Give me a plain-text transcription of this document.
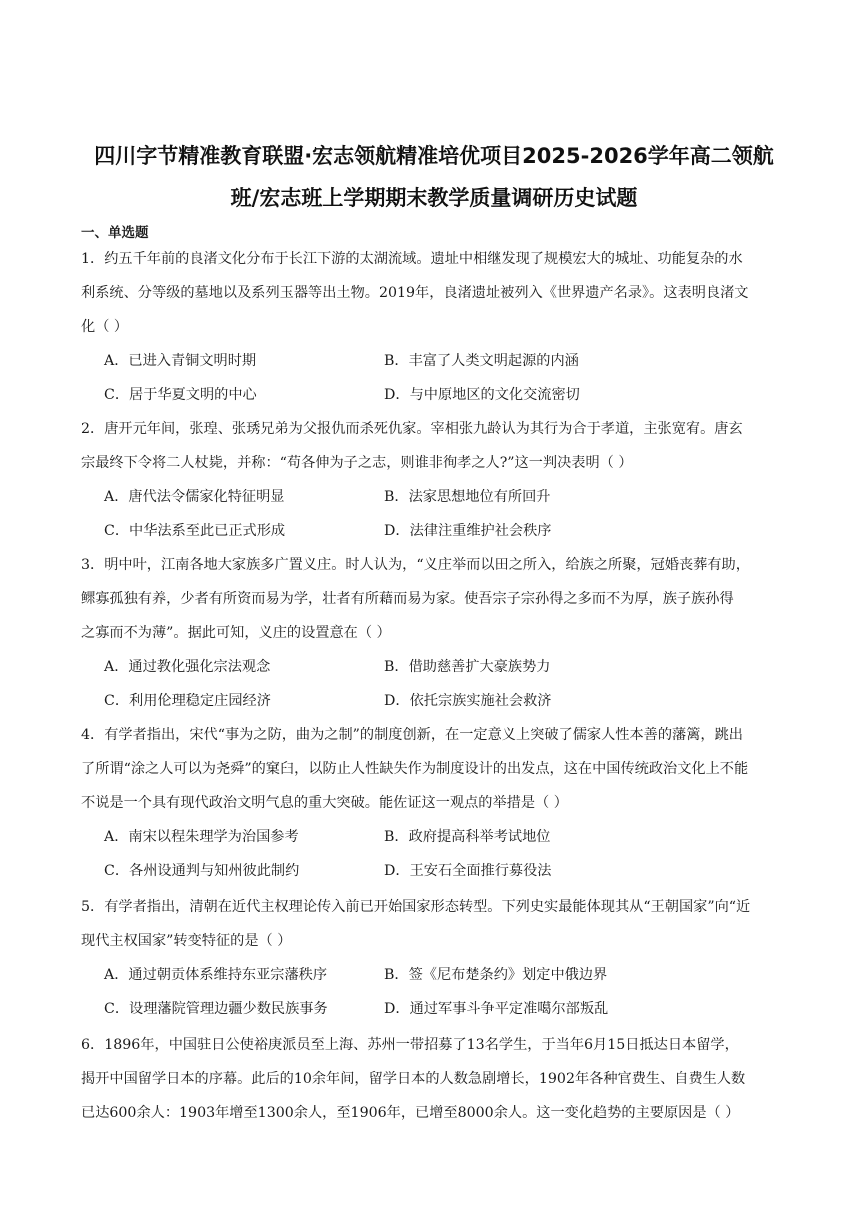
四川字节精准教育联盟·宏志领航精准培优项目2025-2026学年高二领航
班/宏志班上学期期末教学质量调研历史试题
一、单选题
1．约五千年前的良渚文化分布于长江下游的太湖流域。遗址中相继发现了规模宏大的城址、功能复杂的水
利系统、分等级的墓地以及系列玉器等出土物。2019年，良渚遗址被列入《世界遗产名录》。这表明良渚文
化（ ）
A．已进入青铜文明时期	B．丰富了人类文明起源的内涵
C．居于华夏文明的中心	D．与中原地区的文化交流密切
2．唐开元年间，张瑝、张琇兄弟为父报仇而杀死仇家。宰相张九龄认为其行为合于孝道，主张宽宥。唐玄
宗最终下令将二人杖毙，并称：“苟各伸为子之志，则谁非徇孝之人?”这一判决表明（ ）
A．唐代法令儒家化特征明显	B．法家思想地位有所回升
C．中华法系至此已正式形成	D．法律注重维护社会秩序
3．明中叶，江南各地大家族多广置义庄。时人认为，“义庄举而以田之所入，给族之所聚，冠婚丧葬有助，
鳏寡孤独有养，少者有所资而易为学，壮者有所藉而易为家。使吾宗子宗孙得之多而不为厚，族子族孙得
之寡而不为薄”。据此可知，义庄的设置意在（ ）
A．通过教化强化宗法观念	B．借助慈善扩大豪族势力
C．利用伦理稳定庄园经济	D．依托宗族实施社会救济
4．有学者指出，宋代“事为之防，曲为之制”的制度创新，在一定意义上突破了儒家人性本善的藩篱，跳出
了所谓“涂之人可以为尧舜”的窠臼，以防止人性缺失作为制度设计的出发点，这在中国传统政治文化上不能
不说是一个具有现代政治文明气息的重大突破。能佐证这一观点的举措是（ ）
A．南宋以程朱理学为治国参考	B．政府提高科举考试地位
C．各州设通判与知州彼此制约	D．王安石全面推行募役法
5．有学者指出，清朝在近代主权理论传入前已开始国家形态转型。下列史实最能体现其从“王朝国家”向“近
现代主权国家”转变特征的是（ ）
A．通过朝贡体系维持东亚宗藩秩序	B．签《尼布楚条约》划定中俄边界
C．设理藩院管理边疆少数民族事务	D．通过军事斗争平定准噶尔部叛乱
6．1896年，中国驻日公使裕庚派员至上海、苏州一带招募了13名学生，于当年6月15日抵达日本留学，
揭开中国留学日本的序幕。此后的10余年间，留学日本的人数急剧增长，1902年各种官费生、自费生人数
已达600余人：1903年增至1300余人，至1906年，已增至8000余人。这一变化趋势的主要原因是（ ）
